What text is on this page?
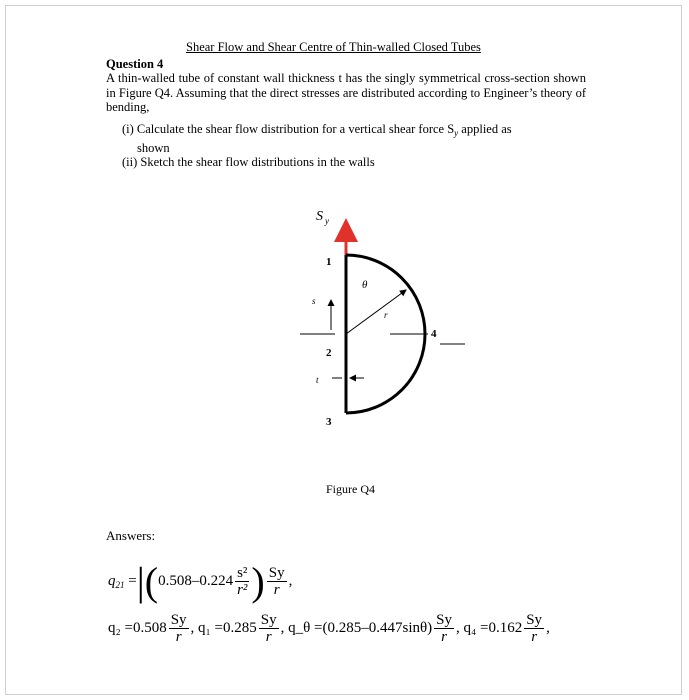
Shear Flow and Shear Centre of Thin-walled Closed Tubes
Question 4
A thin-walled tube of constant wall thickness t has the singly symmetrical cross-section shown in Figure Q4. Assuming that the direct stresses are distributed according to Engineer’s theory of bending,
(i) Calculate the shear flow distribution for a vertical shear force $S_y$ applied as
shown
(ii) Sketch the shear flow distributions in the walls
S y
1
2
3
4
θ
r
s
t
Figure Q4
Answers:
$q_{21} =|(0.508-0.224 \frac{\text{s²}}{\text{r²}}$ ) $\frac{Sy}{r}$ ,
$q_2 =0.508 \frac{Sy}{r}$ , $q_1 =0.285 \frac{Sy}{r}$ , q_θ $=(0.285-0.447\sin\theta) \frac{Sy}{r}$ , $q_4 =0.162 \frac{Sy}{r}$ ,
